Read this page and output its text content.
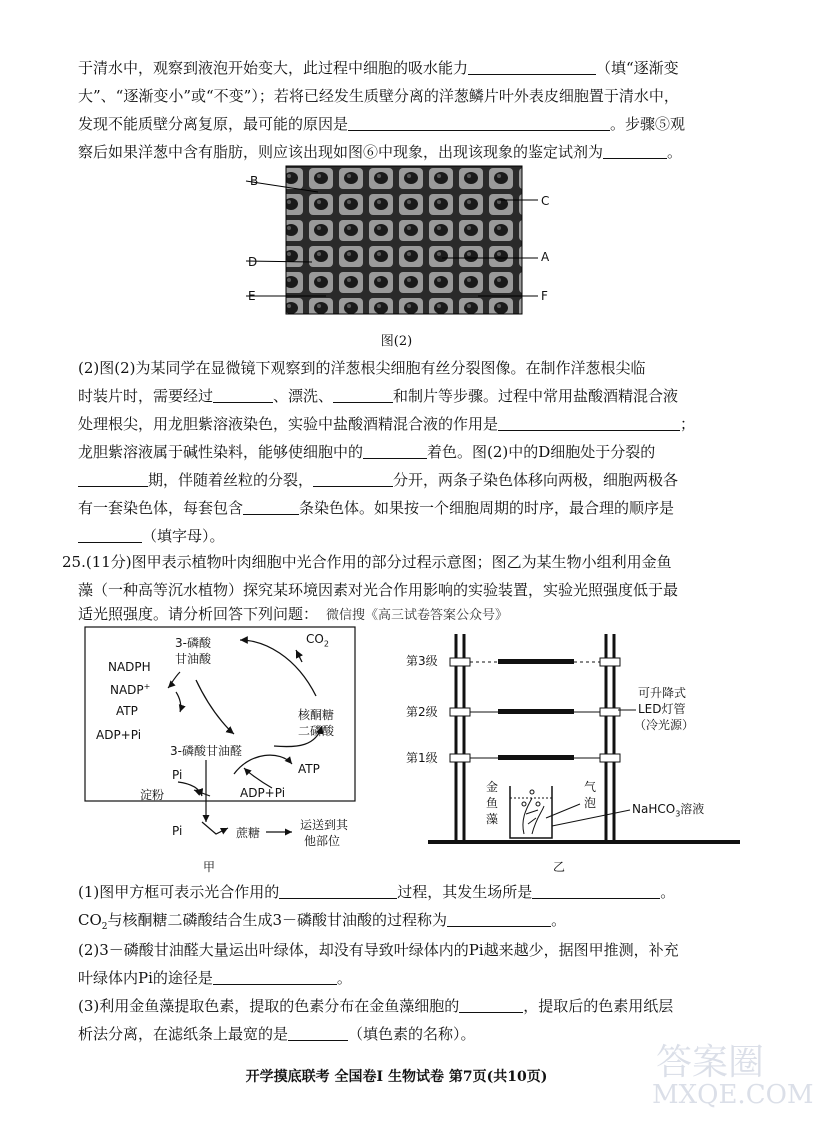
于清水中，观察到液泡开始变大，此过程中细胞的吸水能力	（填“逐渐变
大”、“逐渐变小”或“不变”）；若将已经发生质壁分离的洋葱鳞片叶外表皮细胞置于清水中，
发现不能质壁分离复原，最可能的原因是	。步骤⑤观
察后如果洋葱中含有脂肪，则应该出现如图⑥中现象，出现该现象的鉴定试剂为	。
B
C
D	A
E	F
图(2)
(2)图(2)为某同学在显微镜下观察到的洋葱根尖细胞有丝分裂图像。在制作洋葱根尖临
时装片时，需要经过	、漂洗、	和制片等步骤。过程中常用盐酸酒精混合液
处理根尖，用龙胆紫溶液染色，实验中盐酸酒精混合液的作用是	；
龙胆紫溶液属于碱性染料，能够使细胞中的	着色。图(2)中的D细胞处于分裂的
期，伴随着丝粒的分裂，	分开，两条子染色体移向两极，细胞两极各
有一套染色体，每套包含	条染色体。如果按一个细胞周期的时序，最合理的顺序是
（填字母）。
25.(11分)图甲表示植物叶肉细胞中光合作用的部分过程示意图；图乙为某生物小组利用金鱼
藻（一种高等沉水植物）探究某环境因素对光合作用影响的实验装置，实验光照强度低于最
适光照强度。请分析回答下列问题： 微信搜《高三试卷答案公众号》
3-磷酸
甘油酸
$CO_2$
NADPH
NADP+
ATP
ADP+Pi
核酮糖
二磷酸
3-磷酸甘油醛
Pi	ATP
淀粉	ADP+Pi
Pi	蔗糖
运送到其
他部位
甲
第3级
第2级
第1级
可升降式
LED灯管
（冷光源）
金
鱼
藻
气
泡	NaHCO$_3$溶液
乙
(1)图甲方框可表示光合作用的	过程，其发生场所是	。
$CO_2$与核酮糖二磷酸结合生成3－磷酸甘油酸的过程称为	。
(2)3－磷酸甘油醛大量运出叶绿体，却没有导致叶绿体内的Pi越来越少，据图甲推测，补充
叶绿体内Pi的途径是	。
(3)利用金鱼藻提取色素，提取的色素分布在金鱼藻细胞的	，提取后的色素用纸层
析法分离，在滤纸条上最宽的是	（填色素的名称）。
开学摸底联考 全国卷Ⅰ 生物试卷 第7页(共10页)	答案圈
MXQE.COM
